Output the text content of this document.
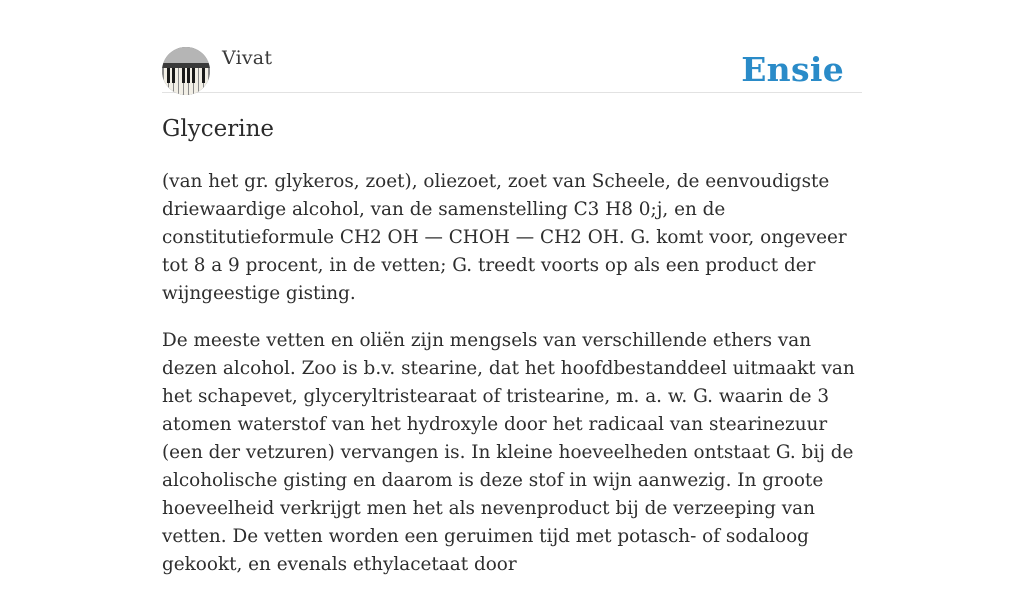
Vivat	Ensie
Glycerine

(van het gr. glykeros, zoet), oliezoet, zoet van Scheele, de eenvoudigste driewaardige alcohol, van de samenstelling C3 H8 0;j, en de constitutieformule CH2 OH — CHOH — CH2 OH. G. komt voor, ongeveer tot 8 a 9 procent, in de vetten; G. treedt voorts op als een product der wijngeestige gisting.

De meeste vetten en oliën zijn mengsels van verschillende ethers van dezen alcohol. Zoo is b.v. stearine, dat het hoofdbestanddeel uitmaakt van het schapevet, glyceryltristearaat of tristearine, m. a. w. G. waarin de 3 atomen waterstof van het hydroxyle door het radicaal van stearinezuur (een der vetzuren) vervangen is. In kleine hoeveelheden ontstaat G. bij de alcoholische gisting en daarom is deze stof in wijn aanwezig. In groote hoeveelheid verkrijgt men het als nevenproduct bij de verzeeping van vetten. De vetten worden een geruimen tijd met potasch- of sodaloog gekookt, en evenals ethylacetaat door
